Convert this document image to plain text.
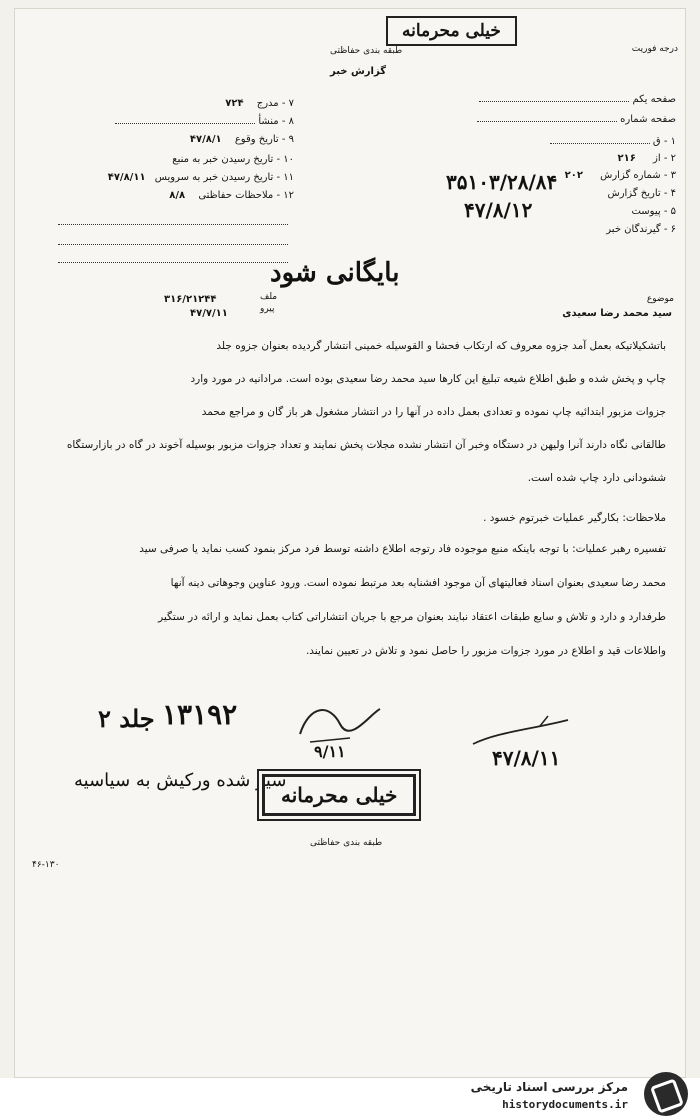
خیلی محرمانه
طبقه بندی حفاظتی
گزارش خبر
درجه فوریت
صفحه یکم
صفحه شماره
۱ - ق
۲ - از ۲۱۶
۳ - شماره گزارش ۲۰۲
۴ - تاریخ گزارش
۵ - پیوست
۶ - گیرندگان خبر
۳۵۱۰۳/۲۸/۸۴
۴۷/۸/۱۲
۷ - مدرج ۷۲۴
۸ - منشأ
۹ - تاریخ وقوع ۴۷/۸/۱
۱۰ - تاریخ رسیدن خبر به منبع
۱۱ - تاریخ رسیدن خبر به سرویس ۴۷/۸/۱۱
۱۲ - ملاحظات حفاظتی ۸/۸
بایگانی شود
ملف
پیرو
۳۱۶/۲۱۲۴۴
۴۷/۷/۱۱
موضوع
سید محمد رضا سعیدی

باتشکیلاتیکه بعمل آمد جزوه معروف که ارتکاب فحشا و القوسیله خمینی انتشار گردیده بعنوان جزوه جلد

چاپ و پخش شده و طبق اطلاع شیعه تبلیغ این کارها سید محمد رضا سعیدی بوده است. مرادانیه در مورد وارد

جزوات مزبور ابتدائیه چاپ نموده و تعدادی بعمل داده در آنها را در انتشار مشغول هر باز گان و مراجع محمد

طالقانی نگاه دارند آنرا ولیهن در دستگاه وخبر آن انتشار نشده مجلات پخش نمایند و تعداد جزوات مزبور بوسیله آخوند در گاه در بازارستگاه

ششودانی دارد چاپ شده است.

ملاحظات: بکارگیر عملیات خبرتوم خسود .

تفسیره رهبر عملیات: با توجه باینکه منبع موجوده فاد رتوجه اطلاع داشته توسط فرد مرکز بنمود کسب نماید یا صرفی سید

محمد رضا سعیدی بعنوان اسناد فعالیتهای آن موجود افشنایه بعد مرتبط نموده است. ورود عناوین وجوهاتی دینه آنها

طرفدارد و دارد و تلاش و سایع طبقات اعتقاد نبایند بعنوان مرجع با جریان انتشاراتی کتاب بعمل نماید و ارائه در ستگیر

واطلاعات قید و اطلاع در مورد جزوات مزبور را حاصل نمود و تلاش در تعیین نمایند.

جلد ۲ ۱۳۱۹۲
۹/۱۱	۴۷/۸/۱۱
سیر شده ورکیش به سیاسیه
خیلی محرمانه
طبقه بندی حفاظتی
۴۶-۱۳۰
مرکز بررسی اسناد تاریخی
historydocuments.ir
